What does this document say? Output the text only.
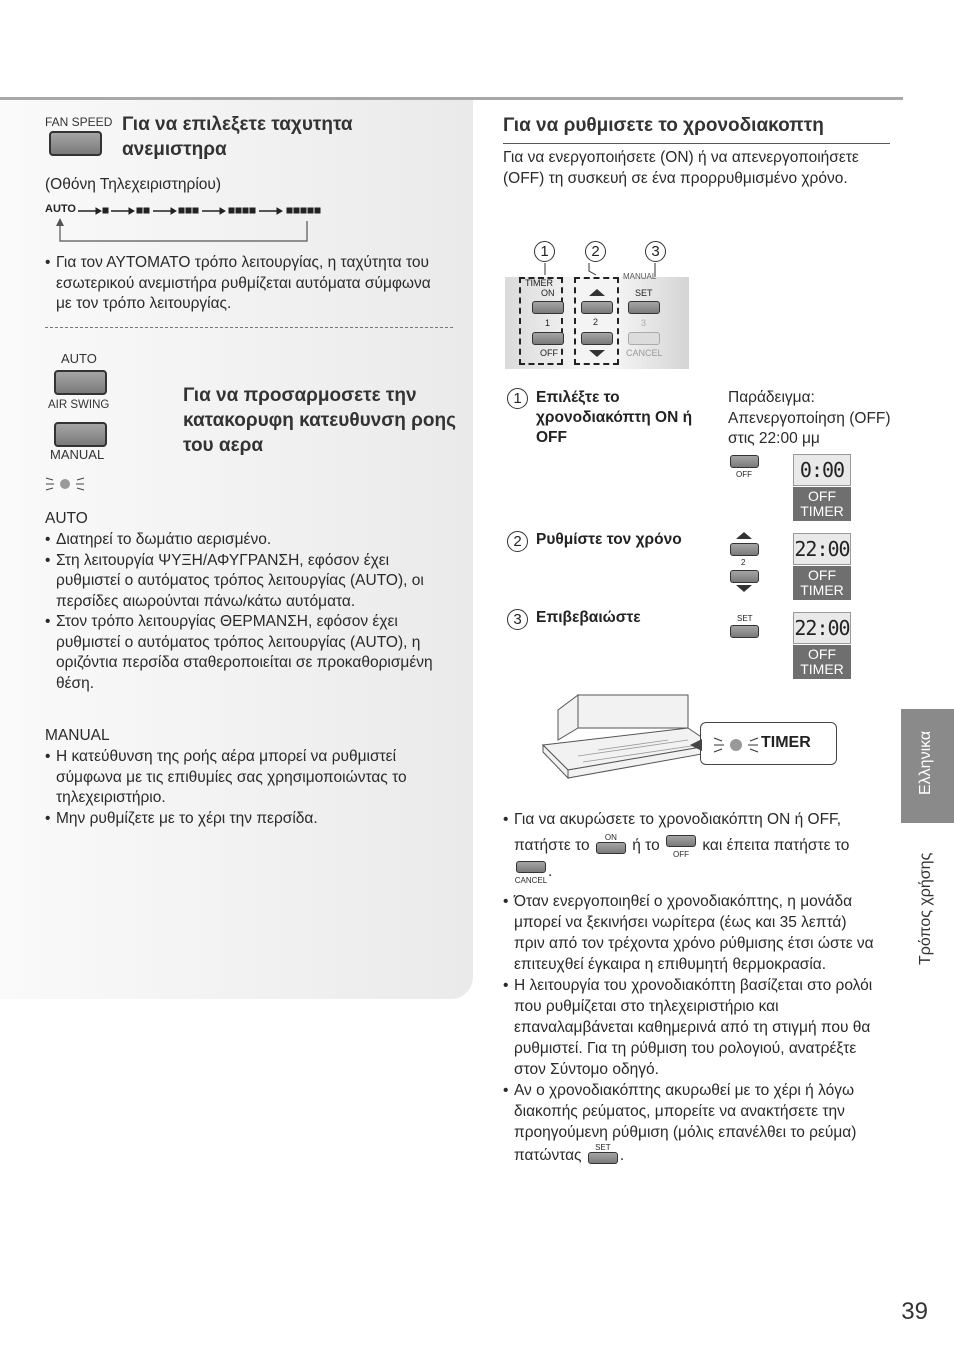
FAN SPEED Για να επιλεξετε ταχυτητα ανεμιστηρα
(Οθόνη Τηλεχειριστηρίου)
AUTO
• Για τον ΑΥΤΟΜΑΤΟ τρόπο λειτουργίας, η ταχύτητα του εσωτερικού ανεμιστήρα ρυθμίζεται αυτόματα σύμφωνα με τον τρόπο λειτουργίας.
AUTO
AIR SWING
MANUAL
Για να προσαρμοσετε την κατακορυφη κατευθυνση ροης του αερα
AUTO
• Διατηρεί το δωμάτιο αερισμένο.
• Στη λειτουργία ΨΥΞΗ/ΑΦΥΓΡΑΝΣΗ, εφόσον έχει ρυθμιστεί ο αυτόματος τρόπος λειτουργίας (AUTO), οι περσίδες αιωρούνται πάνω/κάτω αυτόματα.
• Στον τρόπο λειτουργίας ΘΕΡΜΑΝΣΗ, εφόσον έχει ρυθμιστεί ο αυτόματος τρόπος λειτουργίας (AUTO), η οριζόντια περσίδα σταθεροποιείται σε προκαθορισμένη θέση.
MANUAL
• Η κατεύθυνση της ροής αέρα μπορεί να ρυθμιστεί σύμφωνα με τις επιθυμίες σας χρησιμοποιώντας το τηλεχειριστήριο.
• Μην ρυθμίζετε με το χέρι την περσίδα.
Για να ρυθμισετε το χρονοδιακοπτη
Για να ενεργοποιήσετε (ON) ή να απενεργοποιήσετε (OFF) τη συσκευή σε ένα προρρυθμισμένο χρόνο.
1	2	3
MANUAL
TIMER
ON
1
OFF
2
SET
3
CANCEL
1 Επιλέξτε το χρονοδιακόπτη ON ή OFF
Παράδειγμα: Απενεργοποίηση (OFF) στις 22:00 μμ
OFF 0:00
OFF
TIMER
2 Ρυθμίστε τον χρόνο
2
22:00
OFF
TIMER
3 Επιβεβαιώστε	SET 22:00
OFF
TIMER
TIMER
• Για να ακυρώσετε το χρονοδιακόπτη ON ή OFF, πατήστε το	ON ή το
OFF
και έπειτα πατήστε το
CANCEL
.
• Όταν ενεργοποιηθεί ο χρονοδιακόπτης, η μονάδα μπορεί να ξεκινήσει νωρίτερα (έως και 35 λεπτά) πριν από τον τρέχοντα χρόνο ρύθμισης έτσι ώστε να επιτευχθεί έγκαιρα η επιθυμητή θερμοκρασία.
• Η λειτουργία του χρονοδιακόπτη βασίζεται στο ρολόι που ρυθμίζεται στο τηλεχειριστήριο και επαναλαμβάνεται καθημερινά από τη στιγμή που θα ρυθμιστεί. Για τη ρύθμιση του ρολογιού, ανατρέξτε στον Σύντομο οδηγό.
• Αν ο χρονοδιακόπτης ακυρωθεί με το χέρι ή λόγω διακοπής ρεύματος, μπορείτε να ανακτήσετε την προηγούμενη ρύθμιση (μόλις επανέλθει το ρεύμα) πατώντας	SET .
Ελληνικα
Τρόπος χρήσης
39
